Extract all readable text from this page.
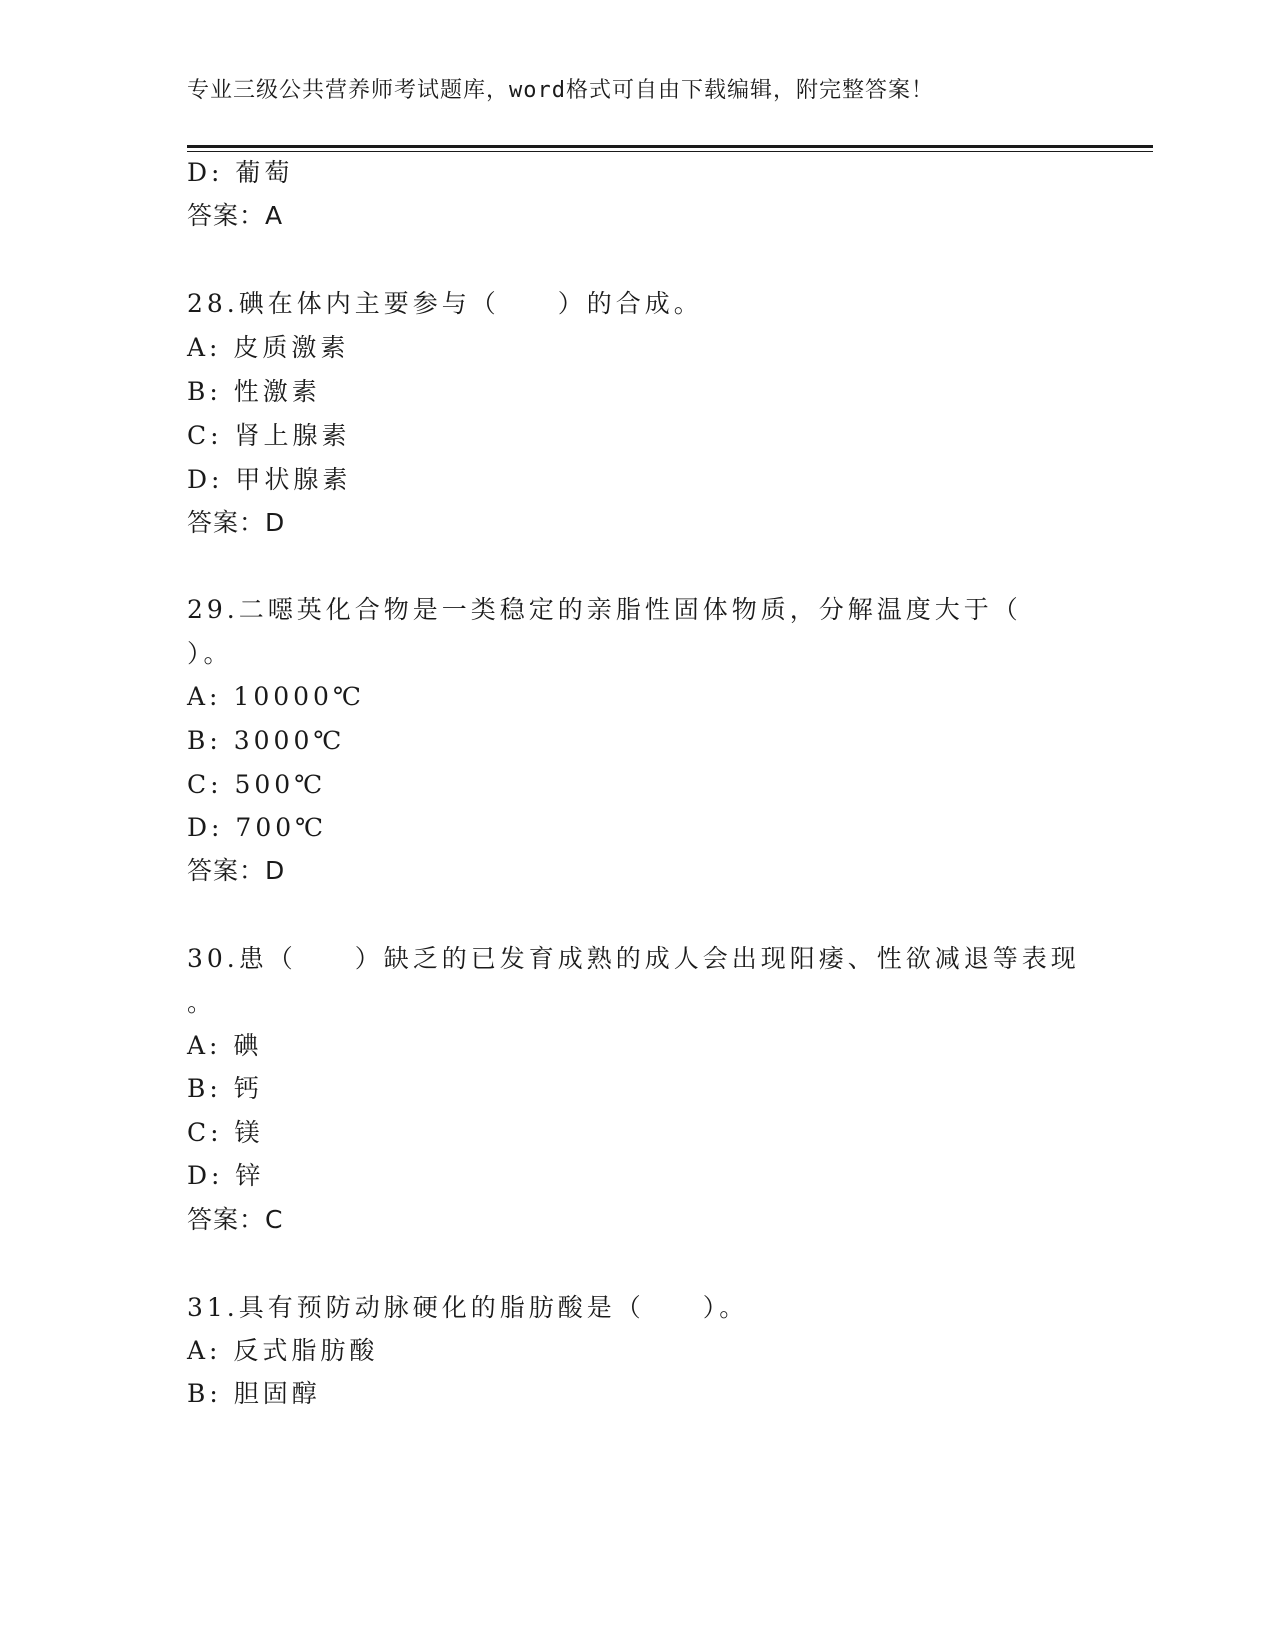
专业三级公共营养师考试题库，word格式可自由下载编辑，附完整答案！
D: 葡萄
答案：A
28.碘在体内主要参与（　　）的合成。
A: 皮质激素
B: 性激素
C: 肾上腺素
D: 甲状腺素
答案：D
29.二噁英化合物是一类稳定的亲脂性固体物质，分解温度大于（
）。
A: 10000℃
B: 3000℃
C: 500℃
D: 700℃
答案：D
30.患（　　）缺乏的已发育成熟的成人会出现阳痿、性欲减退等表现
。
A: 碘
B: 钙
C: 镁
D: 锌
答案：C
31.具有预防动脉硬化的脂肪酸是（　　）。
A: 反式脂肪酸
B: 胆固醇
